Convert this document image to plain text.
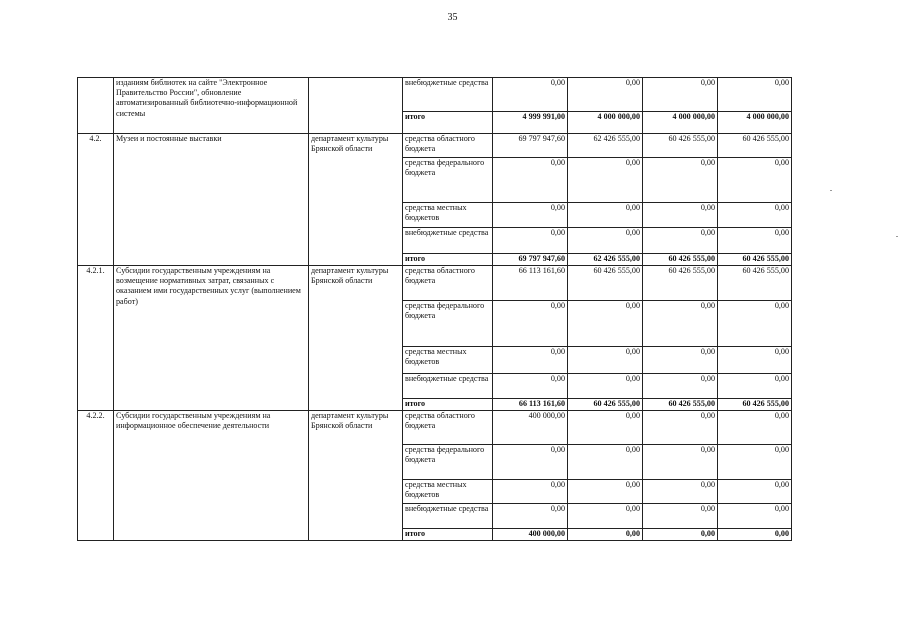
35
	изданиям библиотек на сайте "Электронное Правительство России", обновление автоматизированный библиотечно-информационной системы		внебюджетные средства	0,00	0,00	0,00	0,00
			итого	4 999 991,00	4 000 000,00	4 000 000,00	4 000 000,00
4.2.	Музеи и постоянные выставки	департамент культуры Брянской области	средства областного бюджета	69 797 947,60	62 426 555,00	60 426 555,00	60 426 555,00
			средства федерального бюджета	0,00	0,00	0,00	0,00
			средства местных бюджетов	0,00	0,00	0,00	0,00
			внебюджетные средства	0,00	0,00	0,00	0,00
			итого	69 797 947,60	62 426 555,00	60 426 555,00	60 426 555,00
4.2.1.	Субсидии государственным учреждениям на возмещение нормативных затрат, связанных с оказанием ими государственных услуг (выполнением работ)	департамент культуры Брянской области	средства областного бюджета	66 113 161,60	60 426 555,00	60 426 555,00	60 426 555,00
			средства федерального бюджета	0,00	0,00	0,00	0,00
			средства местных бюджетов	0,00	0,00	0,00	0,00
			внебюджетные средства	0,00	0,00	0,00	0,00
			итого	66 113 161,60	60 426 555,00	60 426 555,00	60 426 555,00
4.2.2.	Субсидии государственным учреждениям на информационное обеспечение деятельности	департамент культуры Брянской области	средства областного бюджета	400 000,00	0,00	0,00	0,00
			средства федерального бюджета	0,00	0,00	0,00	0,00
			средства местных бюджетов	0,00	0,00	0,00	0,00
			внебюджетные средства	0,00	0,00	0,00	0,00
			итого	400 000,00	0,00	0,00	0,00
